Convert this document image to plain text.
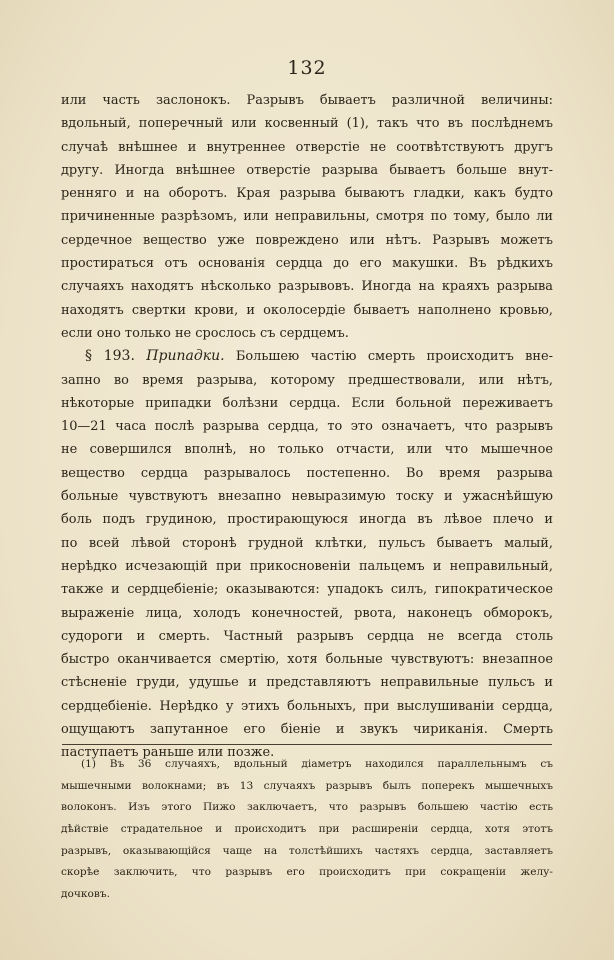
132
или часть заслонокъ. Разрывъ бываетъ различной величины:
вдольный, поперечный или косвенный (1), такъ что въ послѣднемъ
случаѣ внѣшнее и внутреннее отверстіе не соотвѣтствуютъ другъ
другу. Иногда внѣшнее отверстіе разрыва бываетъ больше внут-
ренняго и на оборотъ. Края разрыва бываютъ гладки, какъ будто
причиненные разрѣзомъ, или неправильны, смотря по тому, было ли
сердечное вещество уже повреждено или нѣтъ. Разрывъ можетъ
простираться отъ основанія сердца до его макушки. Въ рѣдкихъ
случаяхъ находятъ нѣсколько разрывовъ. Иногда на краяхъ разрыва
находятъ свертки крови, и околосердіе бываетъ наполнено кровью,
если оно только не срослось съ сердцемъ.
§ 193. Припадки. Большею частію смерть происходитъ вне-
запно во время разрыва, которому предшествовали, или нѣтъ,
нѣкоторые припадки болѣзни сердца. Если больной переживаетъ
10—21 часа послѣ разрыва сердца, то это означаетъ, что разрывъ
не совершился вполнѣ, но только отчасти, или что мышечное
вещество сердца разрывалось постепенно. Во время разрыва
больные чувствуютъ внезапно невыразимую тоску и ужаснѣйшую
боль подъ грудиною, простирающуюся иногда въ лѣвое плечо и
по всей лѣвой сторонѣ грудной клѣтки, пульсъ бываетъ малый,
нерѣдко исчезающій при прикосновеніи пальцемъ и неправильный,
также и сердцебіеніе; оказываются: упадокъ силъ, гипократическое
выраженіе лица, холодъ конечностей, рвота, наконецъ обморокъ,
судороги и смерть. Частный разрывъ сердца не всегда столь
быстро оканчивается смертію, хотя больные чувствуютъ: внезапное
стѣсненіе груди, удушье и представляютъ неправильные пульсъ и
сердцебіеніе. Нерѣдко у этихъ больныхъ, при выслушиваніи сердца,
ощущаютъ запутанное его біеніе и звукъ чириканія. Смерть
паступаетъ раньше или позже.
(1) Въ 36 случаяхъ, вдольный діаметръ находился параллельнымъ съ
мышечными волокнами; въ 13 случаяхъ разрывъ былъ поперекъ мышечныхъ
волоконъ. Изъ этого Пижо заключаетъ, что разрывъ большею частію есть
дѣйствіе страдательное и происходитъ при расширеніи сердца, хотя этотъ
разрывъ, оказывающійся чаще на толстѣйшихъ частяхъ сердца, заставляетъ
скорѣе заключить, что разрывъ его происходитъ при сокращеніи желу-
дочковъ.
